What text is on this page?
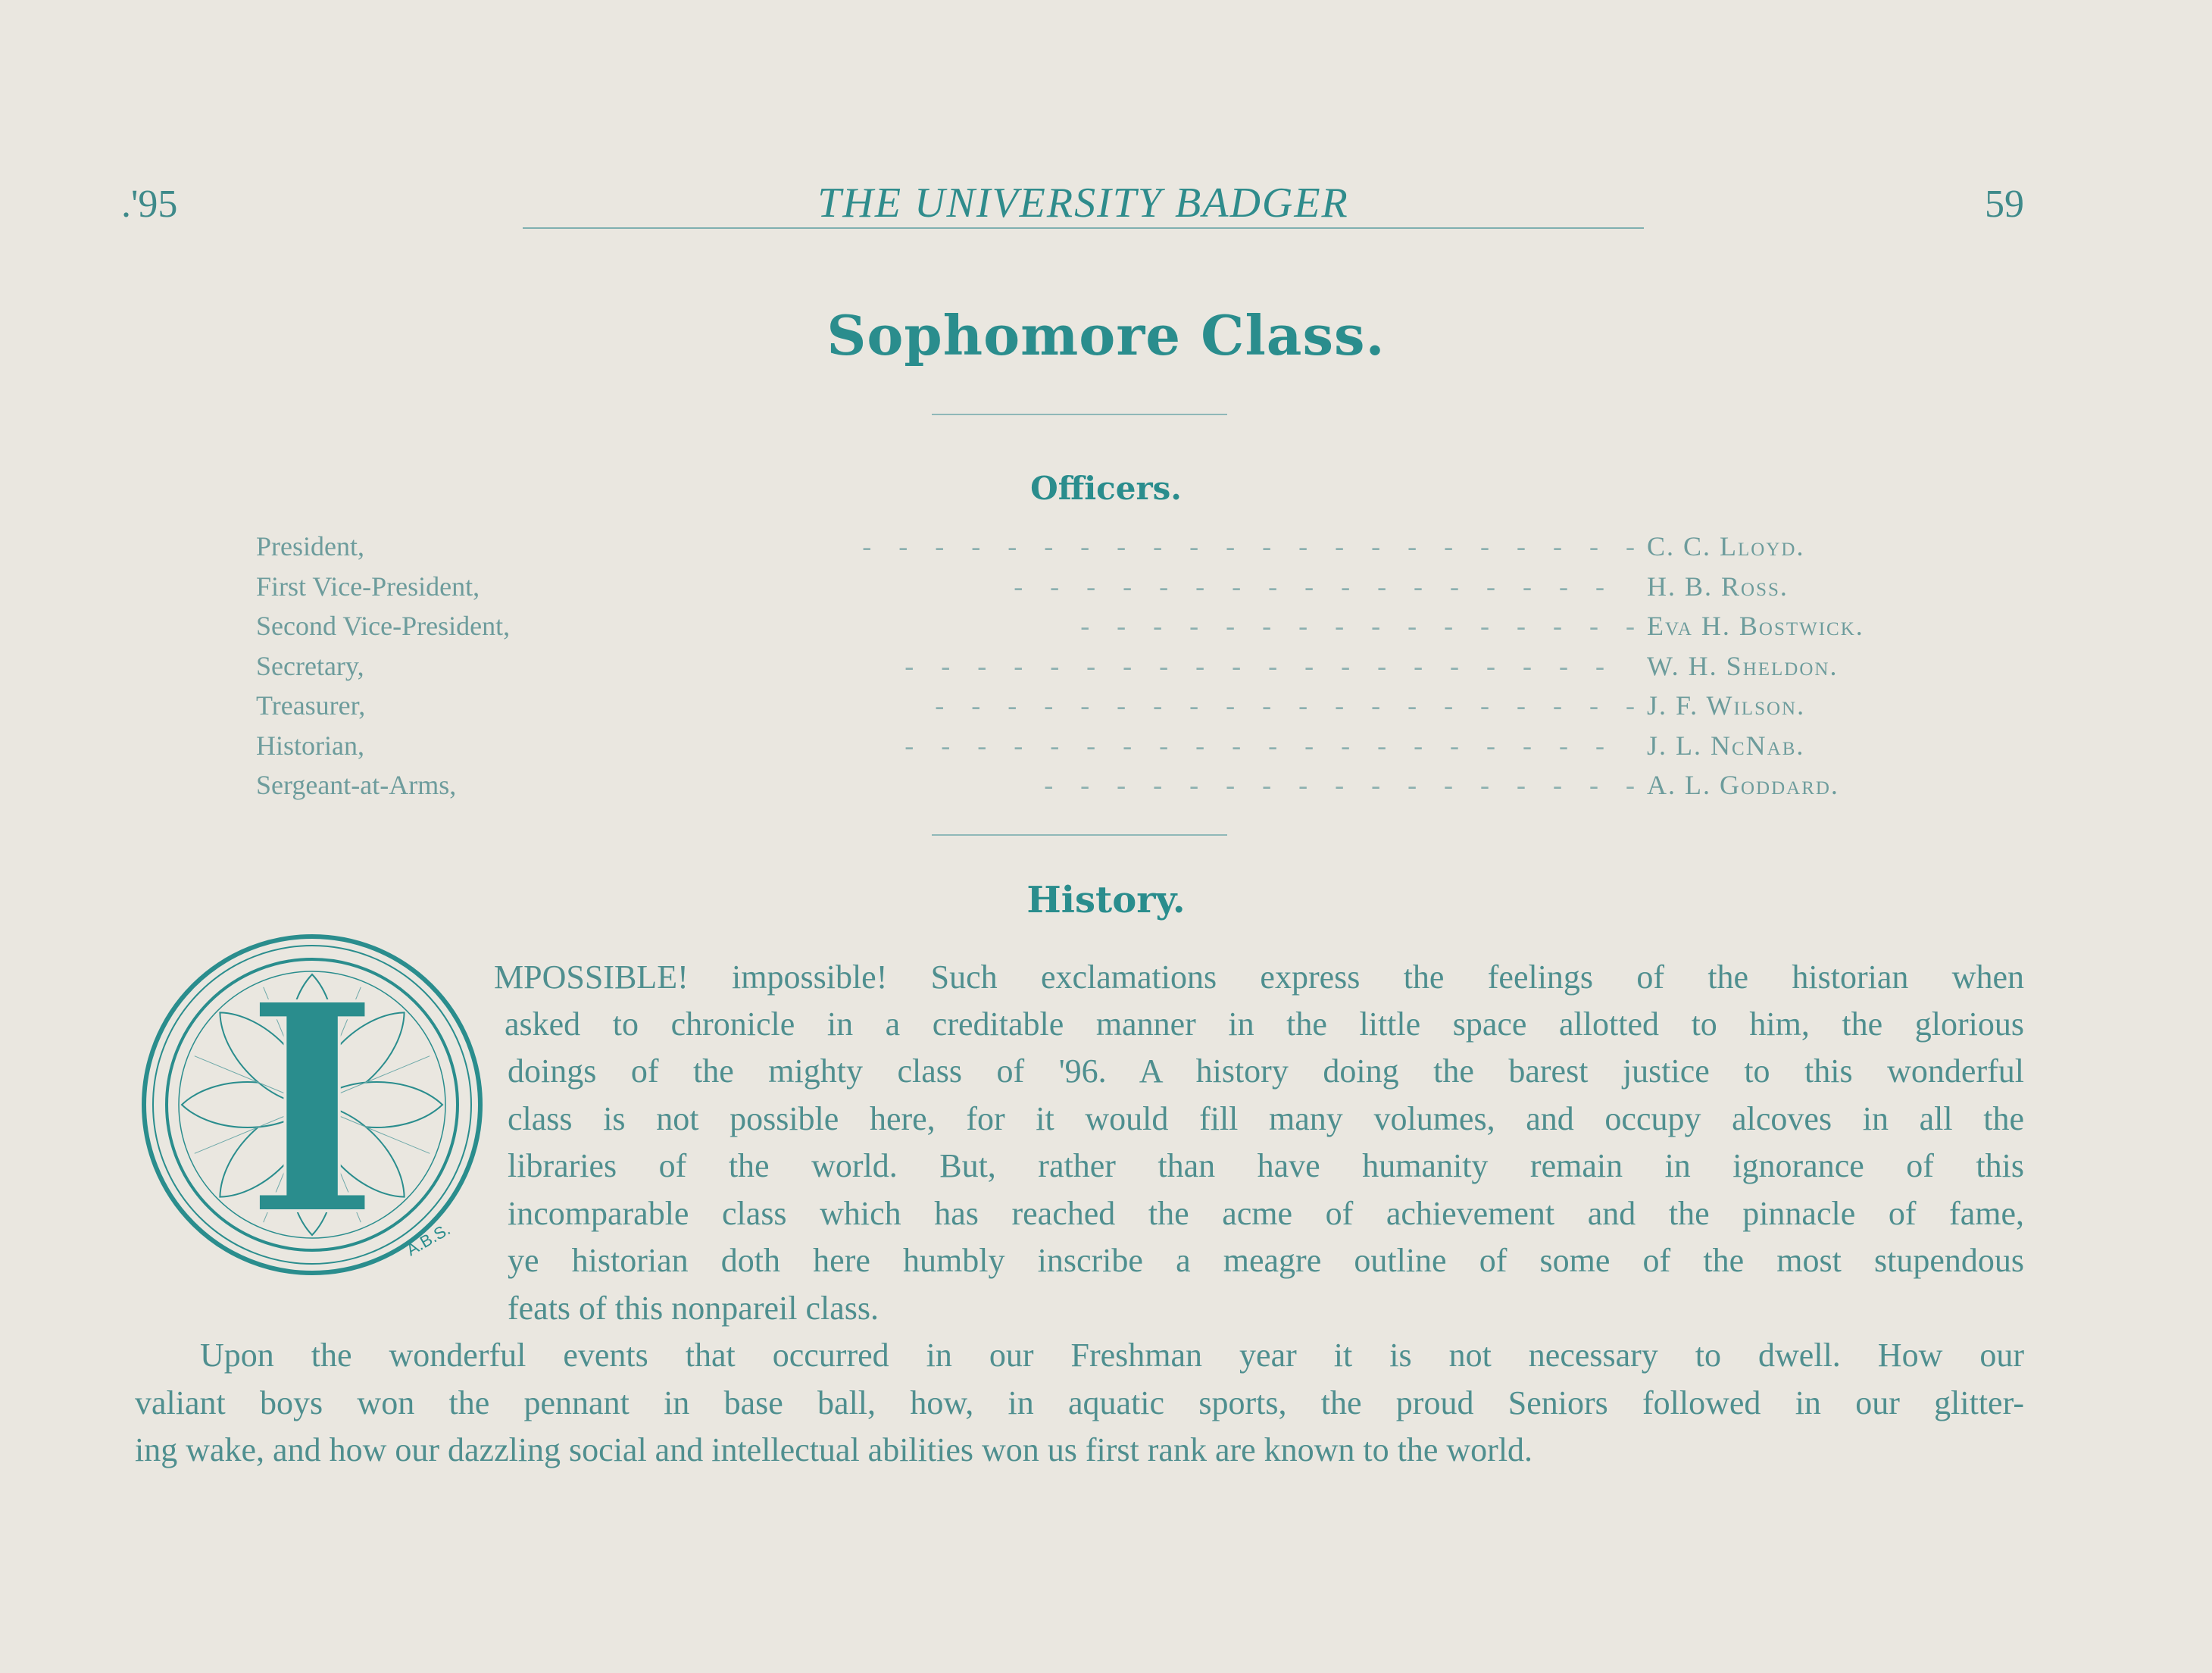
.'95	THE UNIVERSITY BADGER	59
Sophomore Class.
Officers.
President,	-    -    -    -    -    -    -    -    -    -    -    -    -    -    -    -    -    -    -    -    -    - C. C. Lloyd.
First Vice-President,	-    -    -    -    -    -    -    -    -    -    -    -    -    -    -    -    - H. B. Ross.
Second Vice-President,	-    -    -    -    -    -    -    -    -    -    -    -    -    -    -    - Eva H. Bostwick.
Secretary,	-    -    -    -    -    -    -    -    -    -    -    -    -    -    -    -    -    -    -    - W. H. Sheldon.
Treasurer,	-    -    -    -    -    -    -    -    -    -    -    -    -    -    -    -    -    -    -    - J. F. Wilson.
Historian,	-    -    -    -    -    -    -    -    -    -    -    -    -    -    -    -    -    -    -    - J. L. NcNab.
Sergeant-at-Arms,	-    -    -    -    -    -    -    -    -    -    -    -    -    -    -    -    - A. L. Goddard.
History.
I A.B.S.
MPOSSIBLE! impossible! Such exclamations express the feelings of the historian when
asked to chronicle in a creditable manner in the little space allotted to him, the glorious
doings of the mighty class of '96. A history doing the barest justice to this wonderful
class is not possible here, for it would fill many volumes, and occupy alcoves in all the
libraries of the world. But, rather than have humanity remain in ignorance of this
incomparable class which has reached the acme of achievement and the pinnacle of fame,
ye historian doth here humbly inscribe a meagre outline of some of the most stupendous
feats of this nonpareil class.
Upon the wonderful events that occurred in our Freshman year it is not necessary to dwell. How our
valiant boys won the pennant in base ball, how, in aquatic sports, the proud Seniors followed in our glitter-
ing wake, and how our dazzling social and intellectual abilities won us first rank are known to the world.
